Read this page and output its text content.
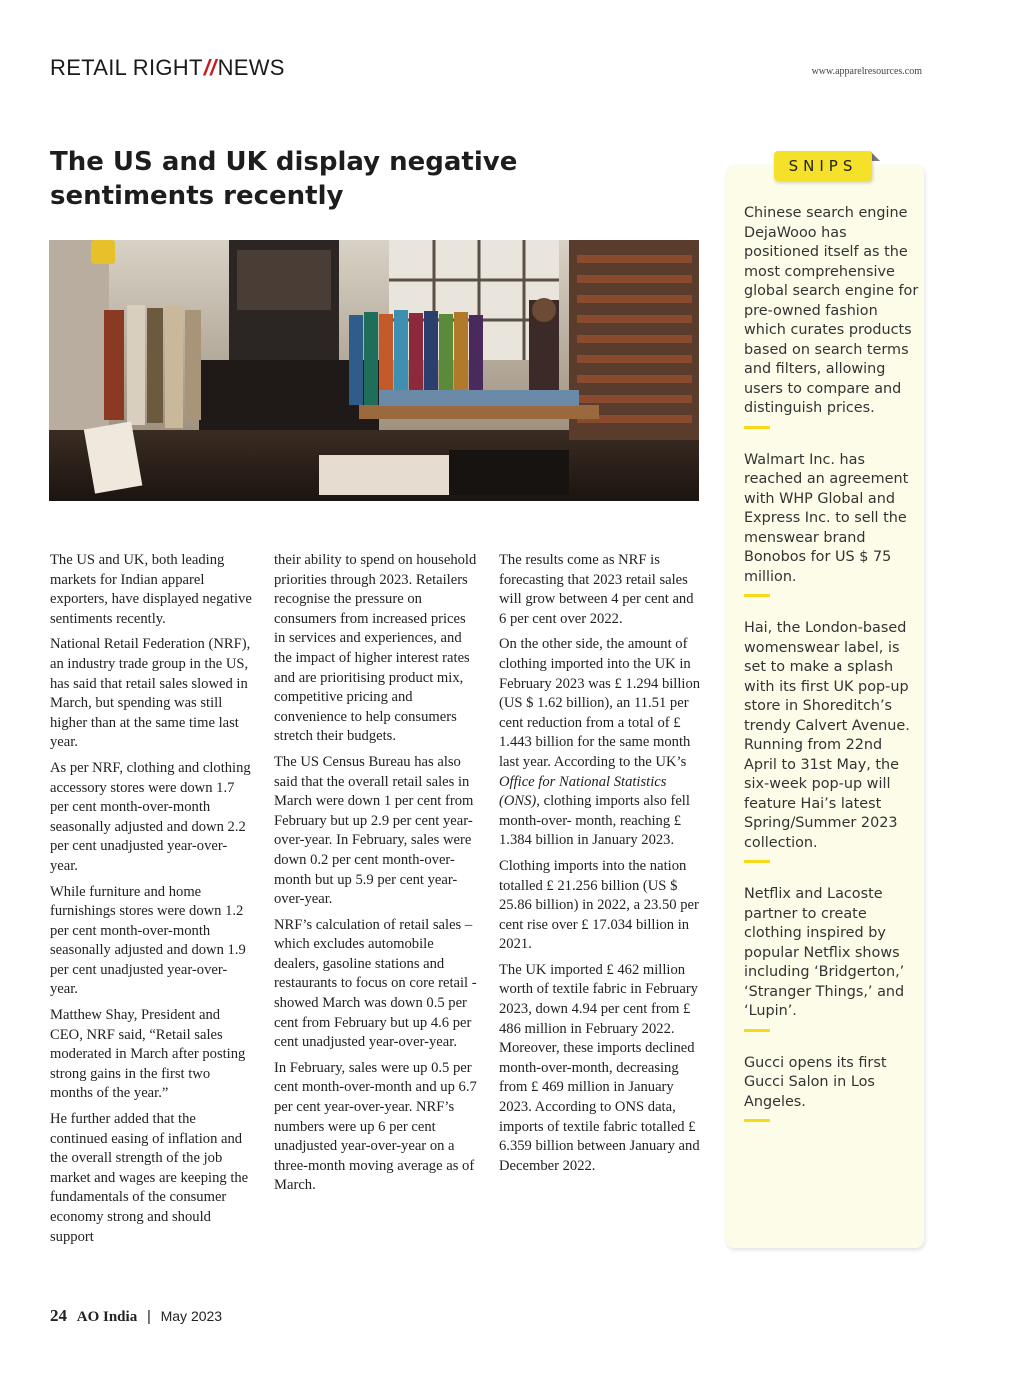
RETAIL RIGHT//NEWS	www.apparelresources.com
The US and UK display negative sentiments recently

The US and UK, both leading markets for Indian apparel exporters, have displayed negative sentiments recently.

National Retail Federation (NRF), an industry trade group in the US, has said that retail sales slowed in March, but spending was still higher than at the same time last year.

As per NRF, clothing and clothing accessory stores were down 1.7 per cent month-over-month seasonally adjusted and down 2.2 per cent unadjusted year-over-year.

While furniture and home furnishings stores were down 1.2 per cent month-over-month seasonally adjusted and down 1.9 per cent unadjusted year-over-year.

Matthew Shay, President and CEO, NRF said, “Retail sales moderated in March after posting strong gains in the first two months of the year.”

He further added that the continued easing of inflation and the overall strength of the job market and wages are keeping the fundamentals of the consumer economy strong and should support

their ability to spend on household priorities through 2023. Retailers recognise the pressure on consumers from increased prices in services and experiences, and the impact of higher interest rates and are prioritising product mix, competitive pricing and convenience to help consumers stretch their budgets.

The US Census Bureau has also said that the overall retail sales in March were down 1 per cent from February but up 2.9 per cent year-over-year. In February, sales were down 0.2 per cent month-over- month but up 5.9 per cent year-over-year.

NRF’s calculation of retail sales – which excludes automobile dealers, gasoline stations and restaurants to focus on core retail - showed March was down 0.5 per cent from February but up 4.6 per cent unadjusted year-over-year.

In February, sales were up 0.5 per cent month-over-month and up 6.7 per cent year-over-year. NRF’s numbers were up 6 per cent unadjusted year-over-year on a three-month moving average as of March.

The results come as NRF is forecasting that 2023 retail sales will grow between 4 per cent and 6 per cent over 2022.

On the other side, the amount of clothing imported into the UK in February 2023 was £ 1.294 billion (US $ 1.62 billion), an 11.51 per cent reduction from a total of £ 1.443 billion for the same month last year. According to the UK’s Office for National Statistics (ONS), clothing imports also fell month-over- month, reaching £ 1.384 billion in January 2023.

Clothing imports into the nation totalled £ 21.256 billion (US $ 25.86 billion) in 2022, a 23.50 per cent rise over £ 17.034 billion in 2021.

The UK imported £ 462 million worth of textile fabric in February 2023, down 4.94 per cent from £ 486 million in February 2022. Moreover, these imports declined month-over-month, decreasing from £ 469 million in January 2023. According to ONS data, imports of textile fabric totalled £ 6.359 billion between January and December 2022.

SNIPS
Chinese search engine DejaWooo has positioned itself as the most comprehensive global search engine for pre-owned fashion which curates products based on search terms and filters, allowing users to compare and distinguish prices.
Walmart Inc. has reached an agreement with WHP Global and Express Inc. to sell the menswear brand Bonobos for US $ 75 million.
Hai, the London-based womenswear label, is set to make a splash with its first UK pop-up store in Shoreditch’s trendy Calvert Avenue. Running from 22nd April to 31st May, the six-week pop-up will feature Hai’s latest Spring/Summer 2023 collection.
Netflix and Lacoste partner to create clothing inspired by popular Netflix shows including ‘Bridgerton,’ ‘Stranger Things,’ and ‘Lupin’.
Gucci opens its first Gucci Salon in Los Angeles.
24 AO India | May 2023
